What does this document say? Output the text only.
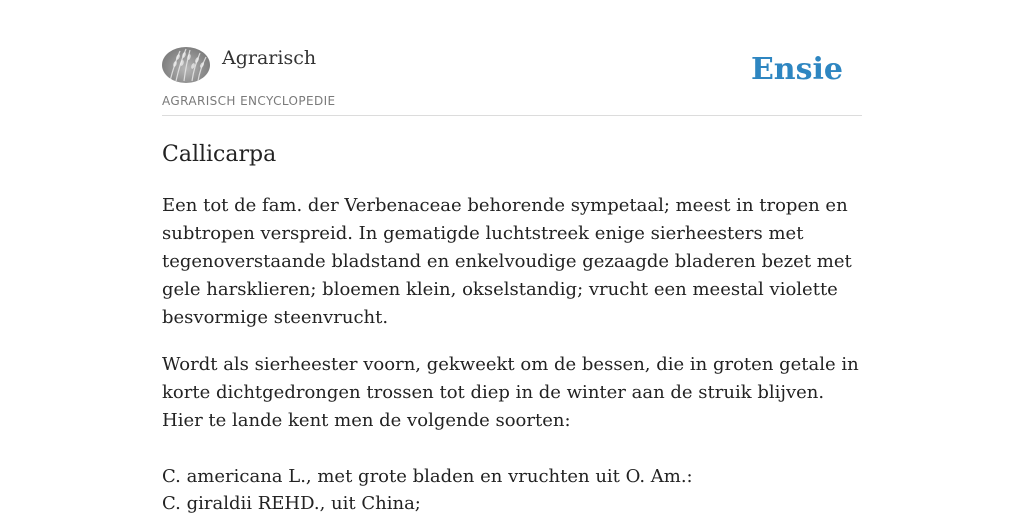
Agrarisch
AGRARISCH ENCYCLOPEDIE
Ensie
Callicarpa

Een tot de fam. der Verbenaceae behorende sympetaal; meest in tropen en subtropen verspreid. In gematigde luchtstreek enige sierheesters met tegenoverstaande bladstand en enkelvoudige gezaagde bladeren bezet met gele harsklieren; bloemen klein, okselstandig; vrucht een meestal violette besvormige steenvrucht.

Wordt als sierheester voorn, gekweekt om de bessen, die in groten getale in korte dichtgedrongen trossen tot diep in de winter aan de struik blijven. Hier te lande kent men de volgende soorten:

C. americana L., met grote bladen en vruchten uit O. Am.:
C. giraldii REHD., uit China;
